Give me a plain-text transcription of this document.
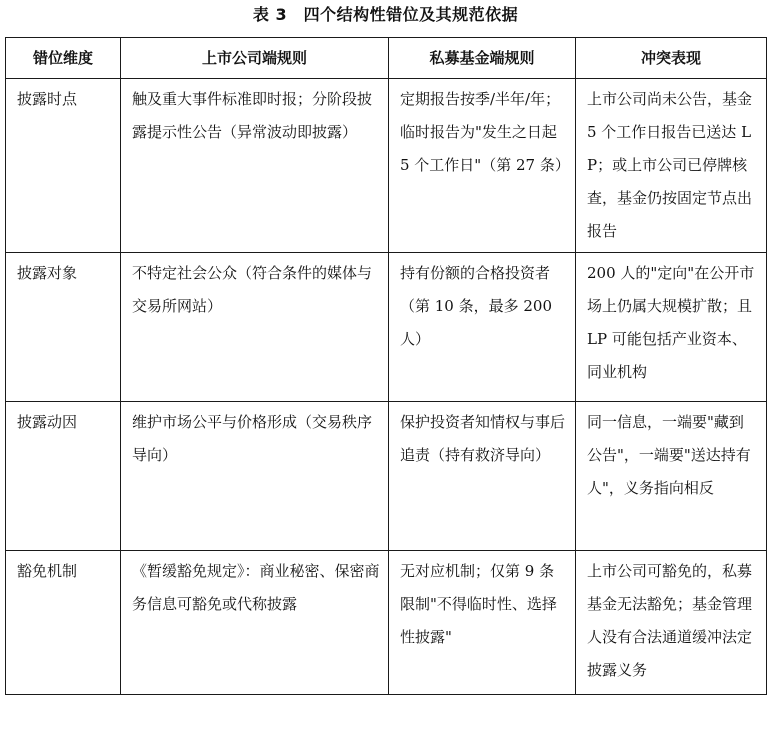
表 3　四个结构性错位及其规范依据
错位维度	上市公司端规则	私募基金端规则	冲突表现
披露时点	触及重大事件标准即时报；分阶段披露提示性公告（异常波动即披露）	定期报告按季/半年/年；临时报告为"发生之日起 5 个工作日"（第 27 条）	上市公司尚未公告，基金 5 个工作日报告已送达 LP；或上市公司已停牌核查，基金仍按固定节点出报告
披露对象	不特定社会公众（符合条件的媒体与交易所网站）	持有份额的合格投资者（第 10 条，最多 200 人）	200 人的"定向"在公开市场上仍属大规模扩散；且 LP 可能包括产业资本、同业机构
披露动因	维护市场公平与价格形成（交易秩序导向）	保护投资者知情权与事后追责（持有救济导向）	同一信息，一端要"藏到公告"，一端要"送达持有人"，义务指向相反
豁免机制	《暂缓豁免规定》：商业秘密、保密商务信息可豁免或代称披露	无对应机制；仅第 9 条限制"不得临时性、选择性披露"	上市公司可豁免的，私募基金无法豁免；基金管理人没有合法通道缓冲法定披露义务
